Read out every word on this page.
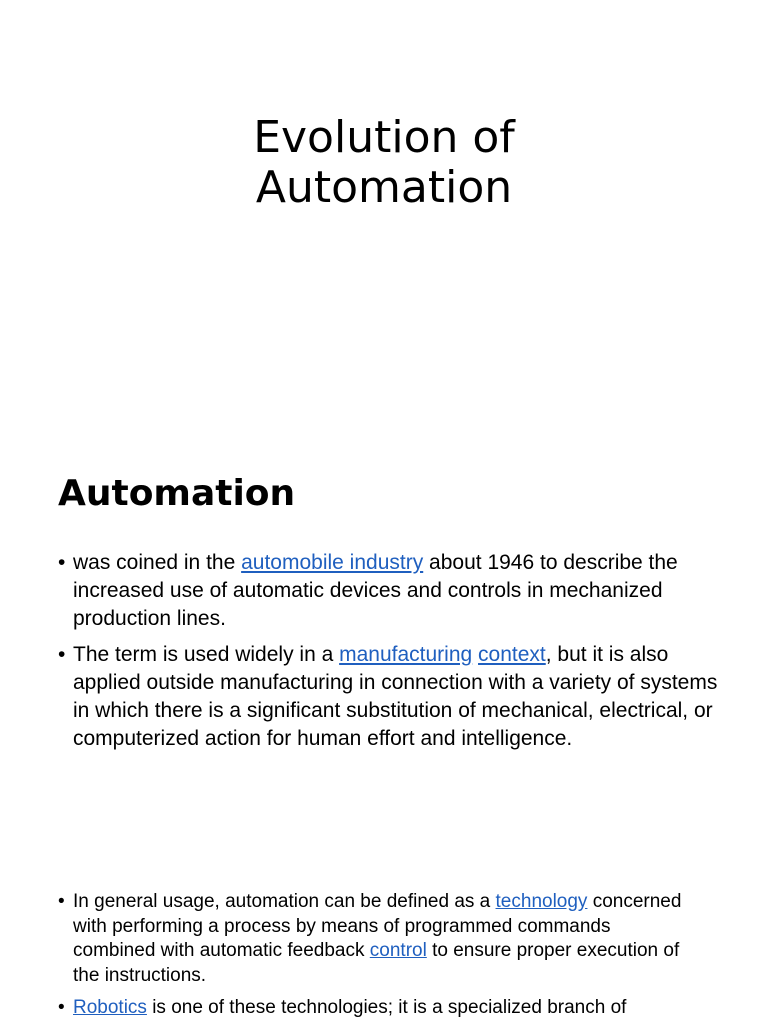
Evolution of
Automation
Automation
• was coined in the automobile industry about 1946 to describe the increased use of automatic devices and controls in mechanized production lines.
• The term is used widely in a manufacturing context, but it is also applied outside manufacturing in connection with a variety of systems in which there is a significant substitution of mechanical, electrical, or computerized action for human effort and intelligence.
• In general usage, automation can be defined as a technology concerned with performing a process by means of programmed commands combined with automatic feedback control to ensure proper execution of the instructions.
• Robotics is one of these technologies; it is a specialized branch of
